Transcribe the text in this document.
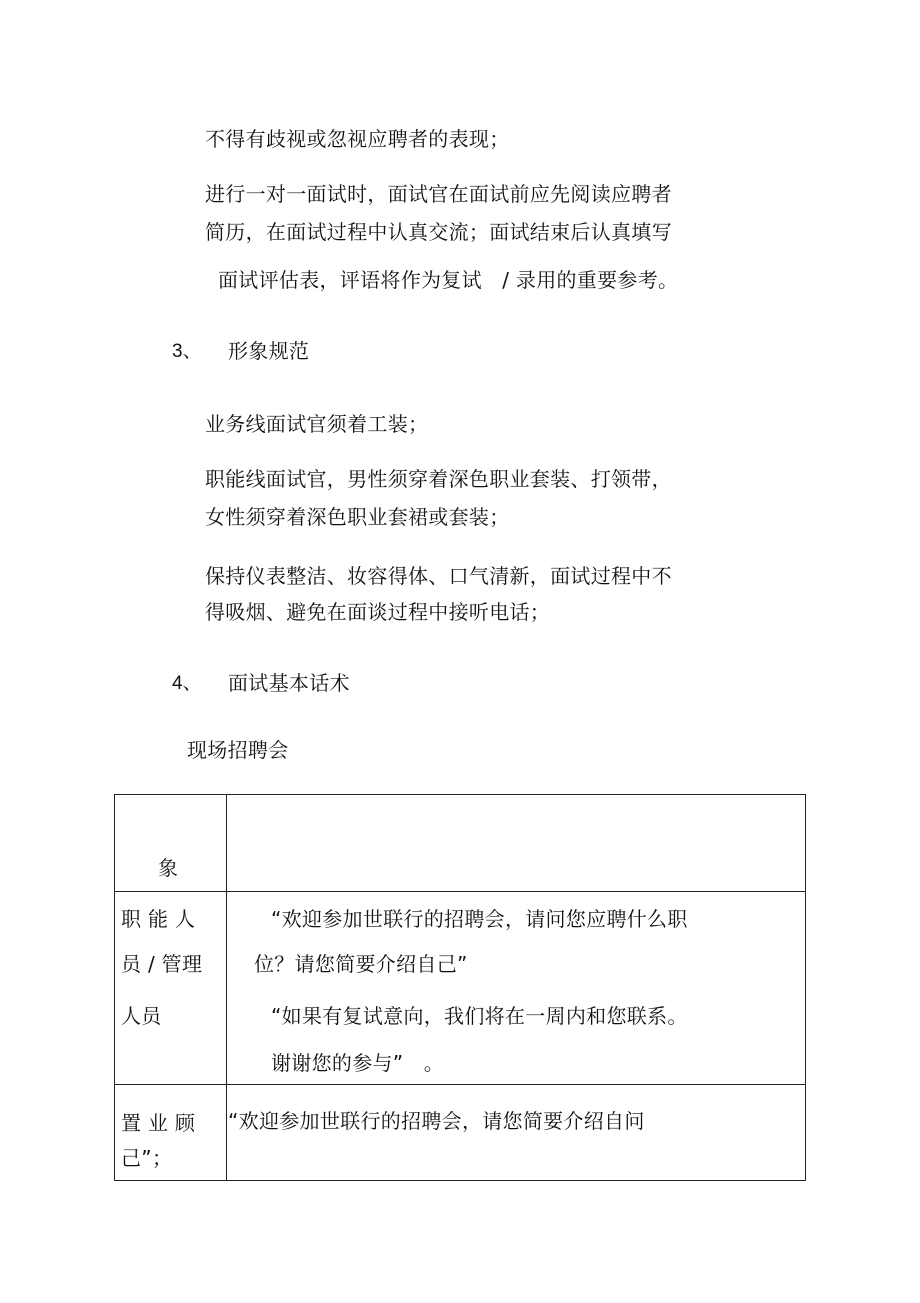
不得有歧视或忽视应聘者的表现；
进行一对一面试时，面试官在面试前应先阅读应聘者
简历，在面试过程中认真交流；面试结束后认真填写
面试评估表，评语将作为复试　/ 录用的重要参考。
3、 形象规范
业务线面试官须着工装；
职能线面试官，男性须穿着深色职业套装、打领带，
女性须穿着深色职业套裙或套装；
保持仪表整洁、妆容得体、口气清新，面试过程中不
得吸烟、避免在面谈过程中接听电话；
4、 面试基本话术
现场招聘会
象
职 能 人
员 / 管理
人员
“欢迎参加世联行的招聘会，请问您应聘什么职
位？请您简要介绍自己”
“如果有复试意向，我们将在一周内和您联系。
谢谢您的参与”　。
置 业 顾
己”；
“欢迎参加世联行的招聘会，请您简要介绍自问
